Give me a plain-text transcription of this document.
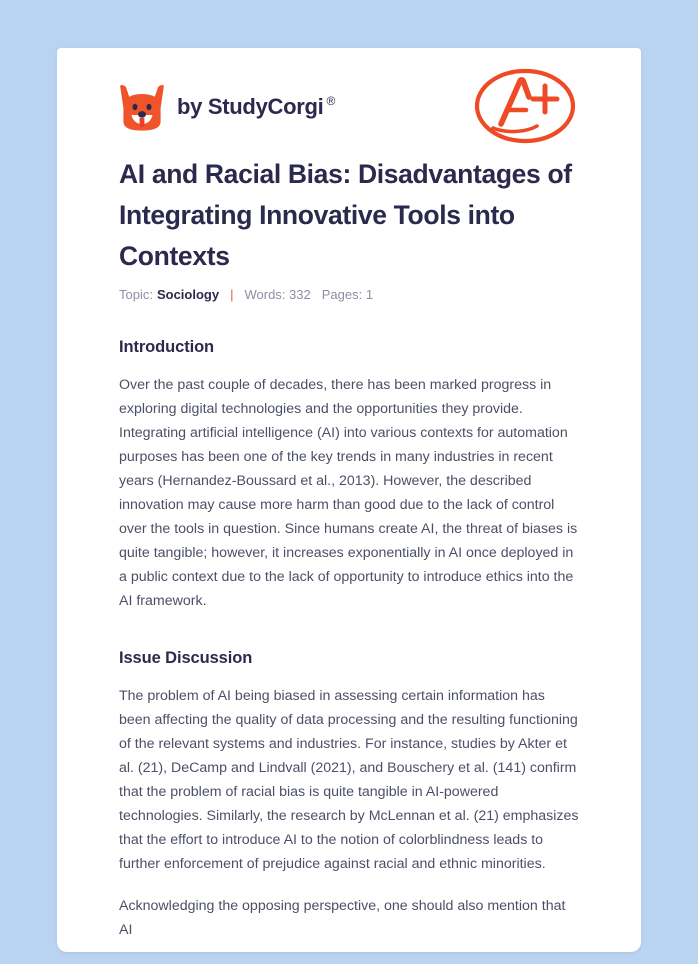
by StudyCorgi ®
AI and Racial Bias: Disadvantages of Integrating Innovative Tools into Contexts
Topic: Sociology | Words: 332 Pages: 1
Introduction

Over the past couple of decades, there has been marked progress in exploring digital technologies and the opportunities they provide. Integrating artificial intelligence (AI) into various contexts for automation purposes has been one of the key trends in many industries in recent years (Hernandez-Boussard et al., 2013). However, the described innovation may cause more harm than good due to the lack of control over the tools in question. Since humans create AI, the threat of biases is quite tangible; however, it increases exponentially in AI once deployed in a public context due to the lack of opportunity to introduce ethics into the AI framework.

Issue Discussion

The problem of AI being biased in assessing certain information has been affecting the quality of data processing and the resulting functioning of the relevant systems and industries. For instance, studies by Akter et al. (21), DeCamp and Lindvall (2021), and Bouschery et al. (141) confirm that the problem of racial bias is quite tangible in AI-powered technologies. Similarly, the research by McLennan et al. (21) emphasizes that the effort to introduce AI to the notion of colorblindness leads to further enforcement of prejudice against racial and ethnic minorities.

Acknowledging the opposing perspective, one should also mention that AI
